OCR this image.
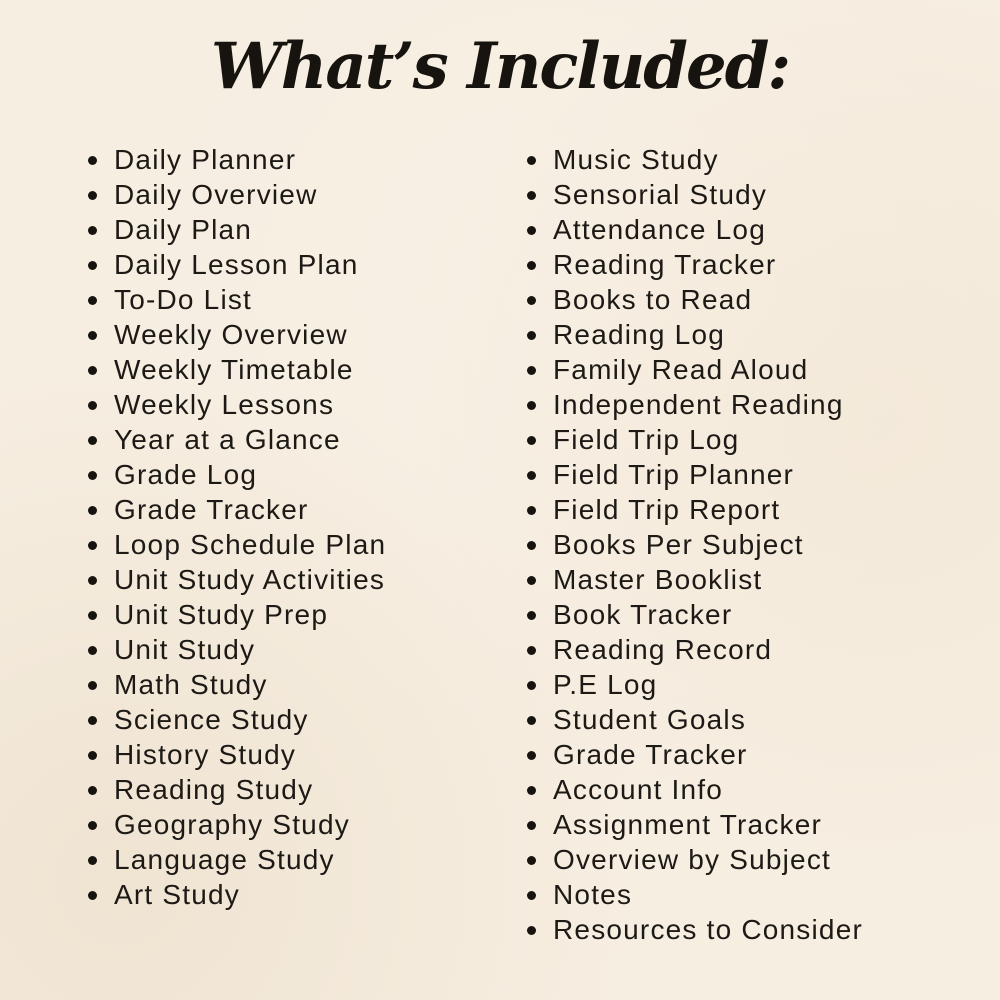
What’s Included:
Daily Planner
Daily Overview
Daily Plan
Daily Lesson Plan
To-Do List
Weekly Overview
Weekly Timetable
Weekly Lessons
Year at a Glance
Grade Log
Grade Tracker
Loop Schedule Plan
Unit Study Activities
Unit Study Prep
Unit Study
Math Study
Science Study
History Study
Reading Study
Geography Study
Language Study
Art Study
Music Study
Sensorial Study
Attendance Log
Reading Tracker
Books to Read
Reading Log
Family Read Aloud
Independent Reading
Field Trip Log
Field Trip Planner
Field Trip Report
Books Per Subject
Master Booklist
Book Tracker
Reading Record
P.E Log
Student Goals
Grade Tracker
Account Info
Assignment Tracker
Overview by Subject
Notes
Resources to Consider
